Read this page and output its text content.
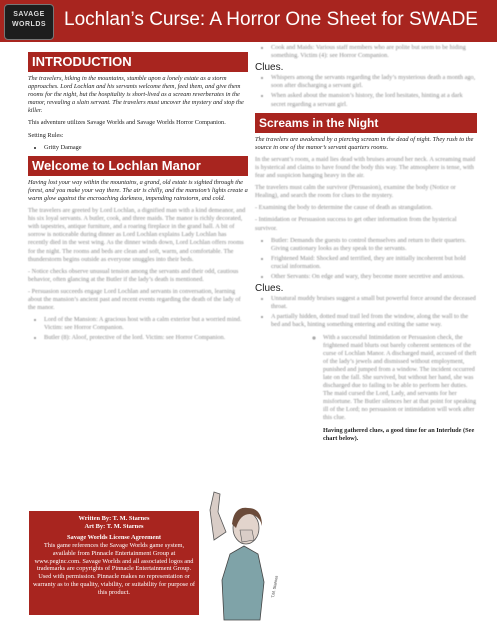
SAVAGE
WORLDS Lochlan’s Curse: A Horror One Sheet for SWADE
INTRODUCTION

The travelers, hiking in the mountains, stumble upon a lonely estate as a storm approaches. Lord Lochlan and his servants welcome them, feed them, and give them rooms for the night, but the hospitality is short-lived as a scream reverberates in the manor, revealing a slain servant. The travelers must uncover the mystery and stop the killer.

This adventure utilizes Savage Worlds and Savage Worlds Horror Companion.

Setting Rules:

• Gritty Damage
Welcome to Lochlan Manor

Having lost your way within the mountains, a grand, old estate is sighted through the forest, and you make your way there. The air is chilly, and the mansion’s lights create a warm glow against the encroaching darkness, impending rainstorm, and cold.

The travelers are greeted by Lord Lochlan, a dignified man with a kind demeanor, and his six loyal servants. A butler, cook, and three maids. The manor is richly decorated, with tapestries, antique furniture, and a roaring fireplace in the grand hall. A bit of sorrow is noticeable during dinner as Lord Lochlan explains Lady Lochlan has recently died in the west wing. As the dinner winds down, Lord Lochlan offers rooms for the night. The rooms and beds are clean and soft, warm, and comfortable. The thunderstorm begins outside as everyone snuggles into their beds.

- Notice checks observe unusual tension among the servants and their odd, cautious behavior, often glancing at the Butler if the lady’s death is mentioned.

- Persuasion succeeds engage Lord Lochlan and servants in conversation, learning about the mansion’s ancient past and recent events regarding the death of the lady of the manor.

• Lord of the Mansion: A gracious host with a calm exterior but a worried mind. Victim: see Horror Companion.
• Butler (8): Aloof, protective of the lord. Victim: see Horror Companion.
Written By: T. M. Starnes
Art By: T. M. Starnes
Savage Worlds License Agreement
This game references the Savage Worlds game system, available from Pinnacle Entertainment Group at www.peginc.com. Savage Worlds and all associated logos and trademarks are copyrights of Pinnacle Entertainment Group. Used with permission. Pinnacle makes no representation or warranty as to the quality, viability, or suitability for purpose of this product.	T.M. Starnes
• Cook and Maids: Various staff members who are polite but seem to be hiding something. Victim (4): see Horror Companion.
Clues.
• Whispers among the servants regarding the lady’s mysterious death a month ago, soon after discharging a servant girl.
• When asked about the mansion’s history, the lord hesitates, hinting at a dark secret regarding a servant girl.
Screams in the Night

The travelers are awakened by a piercing scream in the dead of night. They rush to the source in one of the manor’s servant quarters rooms.

In the servant’s room, a maid lies dead with bruises around her neck. A screaming maid is hysterical and claims to have found the body this way. The atmosphere is tense, with fear and suspicion hanging heavy in the air.

The travelers must calm the survivor (Persuasion), examine the body (Notice or Healing), and search the room for clues to the mystery.

- Examining the body to determine the cause of death as strangulation.

- Intimidation or Persuasion success to get other information from the hysterical survivor.

• Butler: Demands the guests to control themselves and return to their quarters. Giving cautionary looks as they speak to the servants.
• Frightened Maid: Shocked and terrified, they are initially incoherent but hold crucial information.
• Other Servants: On edge and wary, they become more secretive and anxious.
Clues.
• Unnatural muddy bruises suggest a small but powerful force around the deceased throat.
• A partially hidden, dotted mud trail led from the window, along the wall to the bed and back, hinting something entering and exiting the same way.
◦ With a successful Intimidation or Persuasion check, the frightened maid blurts out barely coherent sentences of the curse of Lochlan Manor. A discharged maid, accused of theft of the lady’s jewels and dismissed without employment, punished and jumped from a window. The incident occurred late on the fall. She survived, but without her hand, she was discharged due to failing to be able to perform her duties. The maid cursed the Lord, Lady, and servants for her misfortune. The Butler silences her at that point for speaking ill of the Lord; no persuasion or intimidation will work after this clue.

Having gathered clues, a good time for an Interlude (See chart below).
